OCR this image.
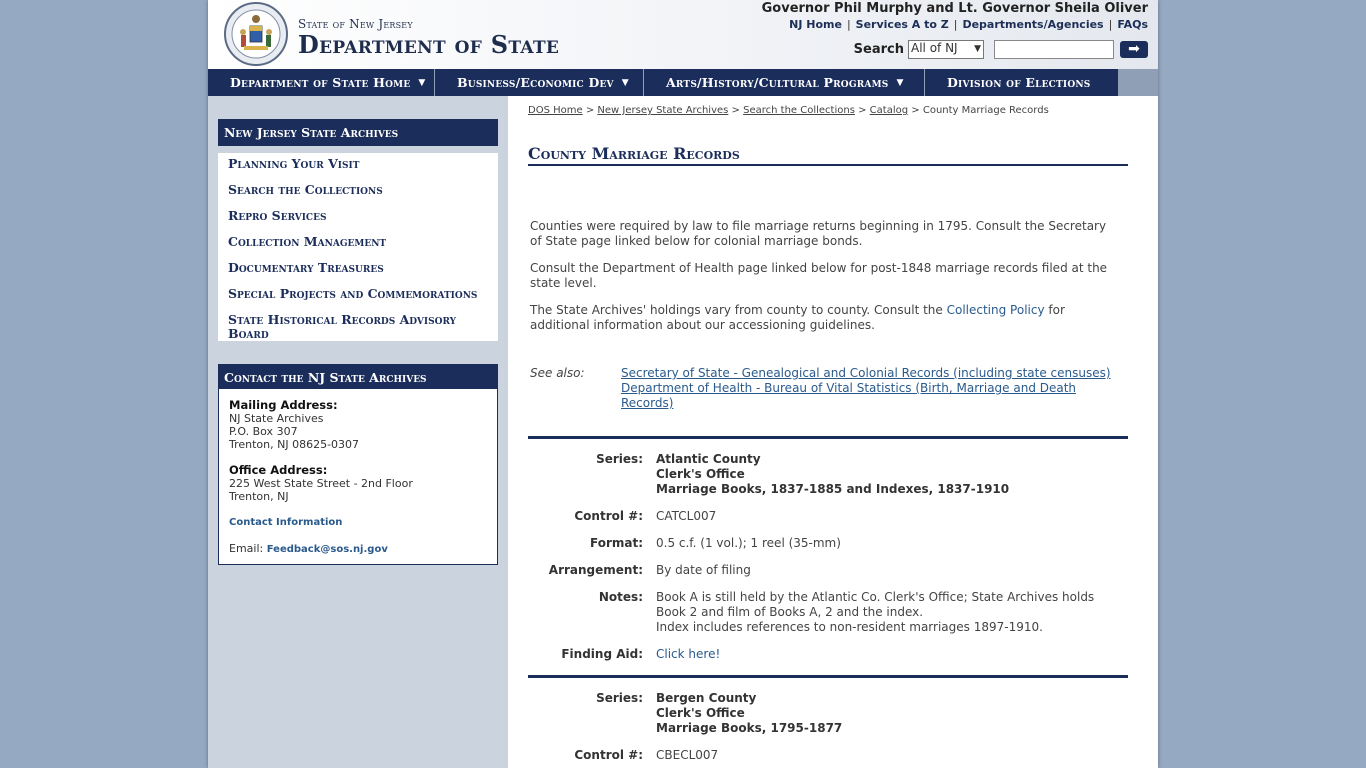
State of New Jersey
Department of State
Governor Phil Murphy and Lt. Governor Sheila Oliver
NJ Home | Services A to Z | Departments/Agencies | FAQs
Search All of NJ ▼	➡
Department of State Home ▼	Business/Economic Dev ▼	Arts/History/Cultural Programs ▼	Division of Elections
New Jersey State Archives
Planning Your Visit
Search the Collections
Repro Services
Collection Management
Documentary Treasures
Special Projects and Commemorations
State Historical Records Advisory Board
Contact the NJ State Archives
Mailing Address:
NJ State Archives
P.O. Box 307
Trenton, NJ 08625-0307
Office Address:
225 West State Street - 2nd Floor
Trenton, NJ
Contact Information
Email: Feedback@sos.nj.gov
DOS Home > New Jersey State Archives > Search the Collections > Catalog > County Marriage Records
County Marriage Records

Counties were required by law to file marriage returns beginning in 1795. Consult the Secretary of State page linked below for colonial marriage bonds.

Consult the Department of Health page linked below for post-1848 marriage records filed at the state level.

The State Archives' holdings vary from county to county. Consult the Collecting Policy for additional information about our accessioning guidelines.

See also:	Secretary of State - Genealogical and Colonial Records (including state censuses)
Department of Health - Bureau of Vital Statistics (Birth, Marriage and Death Records)
Series: Atlantic County
Clerk's Office
Marriage Books, 1837-1885 and Indexes, 1837-1910
Control #: CATCL007
Format: 0.5 c.f. (1 vol.); 1 reel (35-mm)
Arrangement: By date of filing
Notes: Book A is still held by the Atlantic Co. Clerk's Office; State Archives holds Book 2 and film of Books A, 2 and the index.
Index includes references to non-resident marriages 1897-1910.
Finding Aid: Click here!
Series: Bergen County
Clerk's Office
Marriage Books, 1795-1877
Control #: CBECL007
